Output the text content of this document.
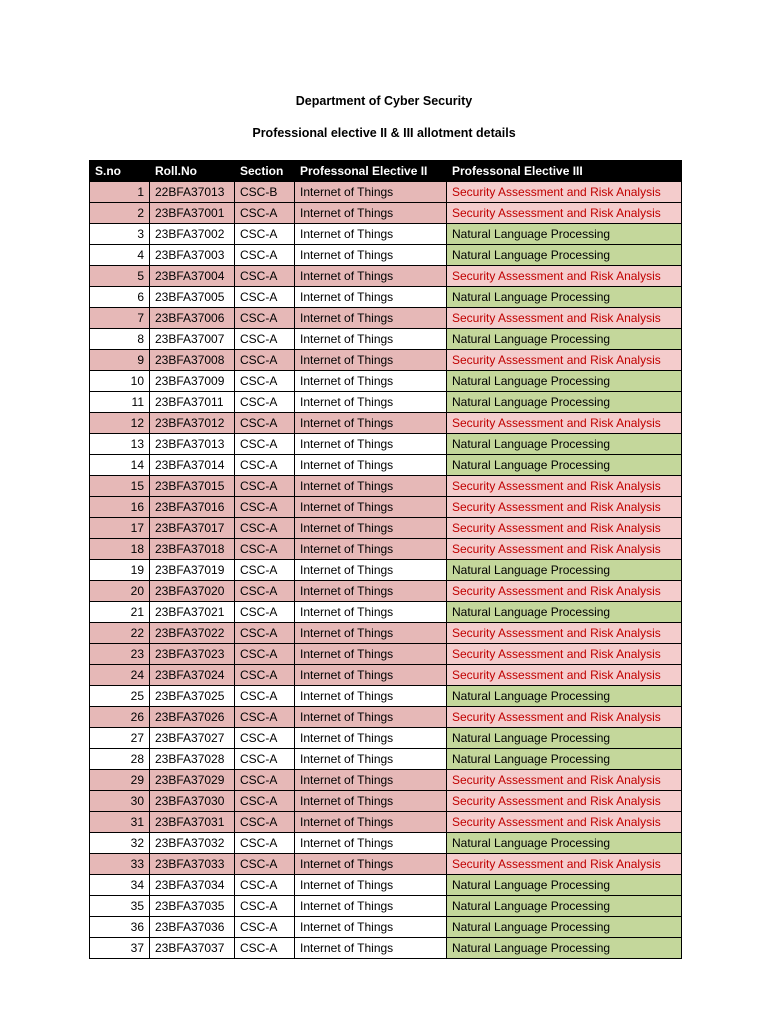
Department of Cyber Security
Professional elective II & III allotment details
S.no	Roll.No	Section	Professonal Elective II	Professonal Elective III
1	22BFA37013	CSC-B	Internet of Things	Security Assessment and Risk Analysis
2	23BFA37001	CSC-A	Internet of Things	Security Assessment and Risk Analysis
3	23BFA37002	CSC-A	Internet of Things	Natural Language Processing
4	23BFA37003	CSC-A	Internet of Things	Natural Language Processing
5	23BFA37004	CSC-A	Internet of Things	Security Assessment and Risk Analysis
6	23BFA37005	CSC-A	Internet of Things	Natural Language Processing
7	23BFA37006	CSC-A	Internet of Things	Security Assessment and Risk Analysis
8	23BFA37007	CSC-A	Internet of Things	Natural Language Processing
9	23BFA37008	CSC-A	Internet of Things	Security Assessment and Risk Analysis
10	23BFA37009	CSC-A	Internet of Things	Natural Language Processing
11	23BFA37011	CSC-A	Internet of Things	Natural Language Processing
12	23BFA37012	CSC-A	Internet of Things	Security Assessment and Risk Analysis
13	23BFA37013	CSC-A	Internet of Things	Natural Language Processing
14	23BFA37014	CSC-A	Internet of Things	Natural Language Processing
15	23BFA37015	CSC-A	Internet of Things	Security Assessment and Risk Analysis
16	23BFA37016	CSC-A	Internet of Things	Security Assessment and Risk Analysis
17	23BFA37017	CSC-A	Internet of Things	Security Assessment and Risk Analysis
18	23BFA37018	CSC-A	Internet of Things	Security Assessment and Risk Analysis
19	23BFA37019	CSC-A	Internet of Things	Natural Language Processing
20	23BFA37020	CSC-A	Internet of Things	Security Assessment and Risk Analysis
21	23BFA37021	CSC-A	Internet of Things	Natural Language Processing
22	23BFA37022	CSC-A	Internet of Things	Security Assessment and Risk Analysis
23	23BFA37023	CSC-A	Internet of Things	Security Assessment and Risk Analysis
24	23BFA37024	CSC-A	Internet of Things	Security Assessment and Risk Analysis
25	23BFA37025	CSC-A	Internet of Things	Natural Language Processing
26	23BFA37026	CSC-A	Internet of Things	Security Assessment and Risk Analysis
27	23BFA37027	CSC-A	Internet of Things	Natural Language Processing
28	23BFA37028	CSC-A	Internet of Things	Natural Language Processing
29	23BFA37029	CSC-A	Internet of Things	Security Assessment and Risk Analysis
30	23BFA37030	CSC-A	Internet of Things	Security Assessment and Risk Analysis
31	23BFA37031	CSC-A	Internet of Things	Security Assessment and Risk Analysis
32	23BFA37032	CSC-A	Internet of Things	Natural Language Processing
33	23BFA37033	CSC-A	Internet of Things	Security Assessment and Risk Analysis
34	23BFA37034	CSC-A	Internet of Things	Natural Language Processing
35	23BFA37035	CSC-A	Internet of Things	Natural Language Processing
36	23BFA37036	CSC-A	Internet of Things	Natural Language Processing
37	23BFA37037	CSC-A	Internet of Things	Natural Language Processing
